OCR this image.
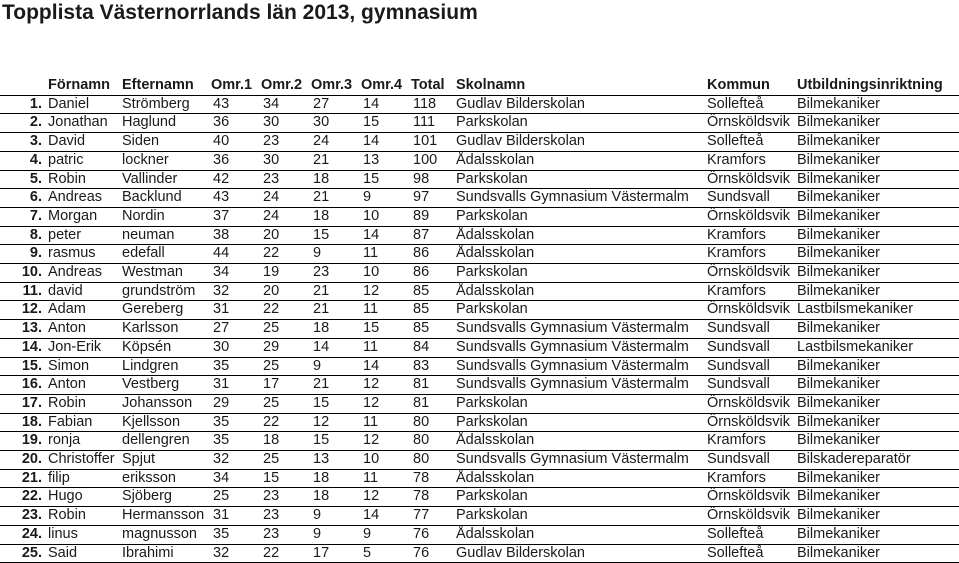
Topplista Västernorrlands län 2013, gymnasium
	Förnamn	Efternamn	Omr.1	Omr.2	Omr.3	Omr.4	Total	Skolnamn	Kommun	Utbildningsinriktning
1.	Daniel	Strömberg	43	34	27	14	118	Gudlav Bilderskolan	Sollefteå	Bilmekaniker
2.	Jonathan	Haglund	36	30	30	15	111	Parkskolan	Örnsköldsvik	Bilmekaniker
3.	David	Siden	40	23	24	14	101	Gudlav Bilderskolan	Sollefteå	Bilmekaniker
4.	patric	lockner	36	30	21	13	100	Ådalsskolan	Kramfors	Bilmekaniker
5.	Robin	Vallinder	42	23	18	15	98	Parkskolan	Örnsköldsvik	Bilmekaniker
6.	Andreas	Backlund	43	24	21	9	97	Sundsvalls Gymnasium Västermalm	Sundsvall	Bilmekaniker
7.	Morgan	Nordin	37	24	18	10	89	Parkskolan	Örnsköldsvik	Bilmekaniker
8.	peter	neuman	38	20	15	14	87	Ådalsskolan	Kramfors	Bilmekaniker
9.	rasmus	edefall	44	22	9	11	86	Ådalsskolan	Kramfors	Bilmekaniker
10.	Andreas	Westman	34	19	23	10	86	Parkskolan	Örnsköldsvik	Bilmekaniker
11.	david	grundström	32	20	21	12	85	Ådalsskolan	Kramfors	Bilmekaniker
12.	Adam	Gereberg	31	22	21	11	85	Parkskolan	Örnsköldsvik	Lastbilsmekaniker
13.	Anton	Karlsson	27	25	18	15	85	Sundsvalls Gymnasium Västermalm	Sundsvall	Bilmekaniker
14.	Jon-Erik	Köpsén	30	29	14	11	84	Sundsvalls Gymnasium Västermalm	Sundsvall	Lastbilsmekaniker
15.	Simon	Lindgren	35	25	9	14	83	Sundsvalls Gymnasium Västermalm	Sundsvall	Bilmekaniker
16.	Anton	Vestberg	31	17	21	12	81	Sundsvalls Gymnasium Västermalm	Sundsvall	Bilmekaniker
17.	Robin	Johansson	29	25	15	12	81	Parkskolan	Örnsköldsvik	Bilmekaniker
18.	Fabian	Kjellsson	35	22	12	11	80	Parkskolan	Örnsköldsvik	Bilmekaniker
19.	ronja	dellengren	35	18	15	12	80	Ådalsskolan	Kramfors	Bilmekaniker
20.	Christoffer	Spjut	32	25	13	10	80	Sundsvalls Gymnasium Västermalm	Sundsvall	Bilskadereparatör
21.	filip	eriksson	34	15	18	11	78	Ådalsskolan	Kramfors	Bilmekaniker
22.	Hugo	Sjöberg	25	23	18	12	78	Parkskolan	Örnsköldsvik	Bilmekaniker
23.	Robin	Hermansson	31	23	9	14	77	Parkskolan	Örnsköldsvik	Bilmekaniker
24.	linus	magnusson	35	23	9	9	76	Ådalsskolan	Sollefteå	Bilmekaniker
25.	Said	Ibrahimi	32	22	17	5	76	Gudlav Bilderskolan	Sollefteå	Bilmekaniker
